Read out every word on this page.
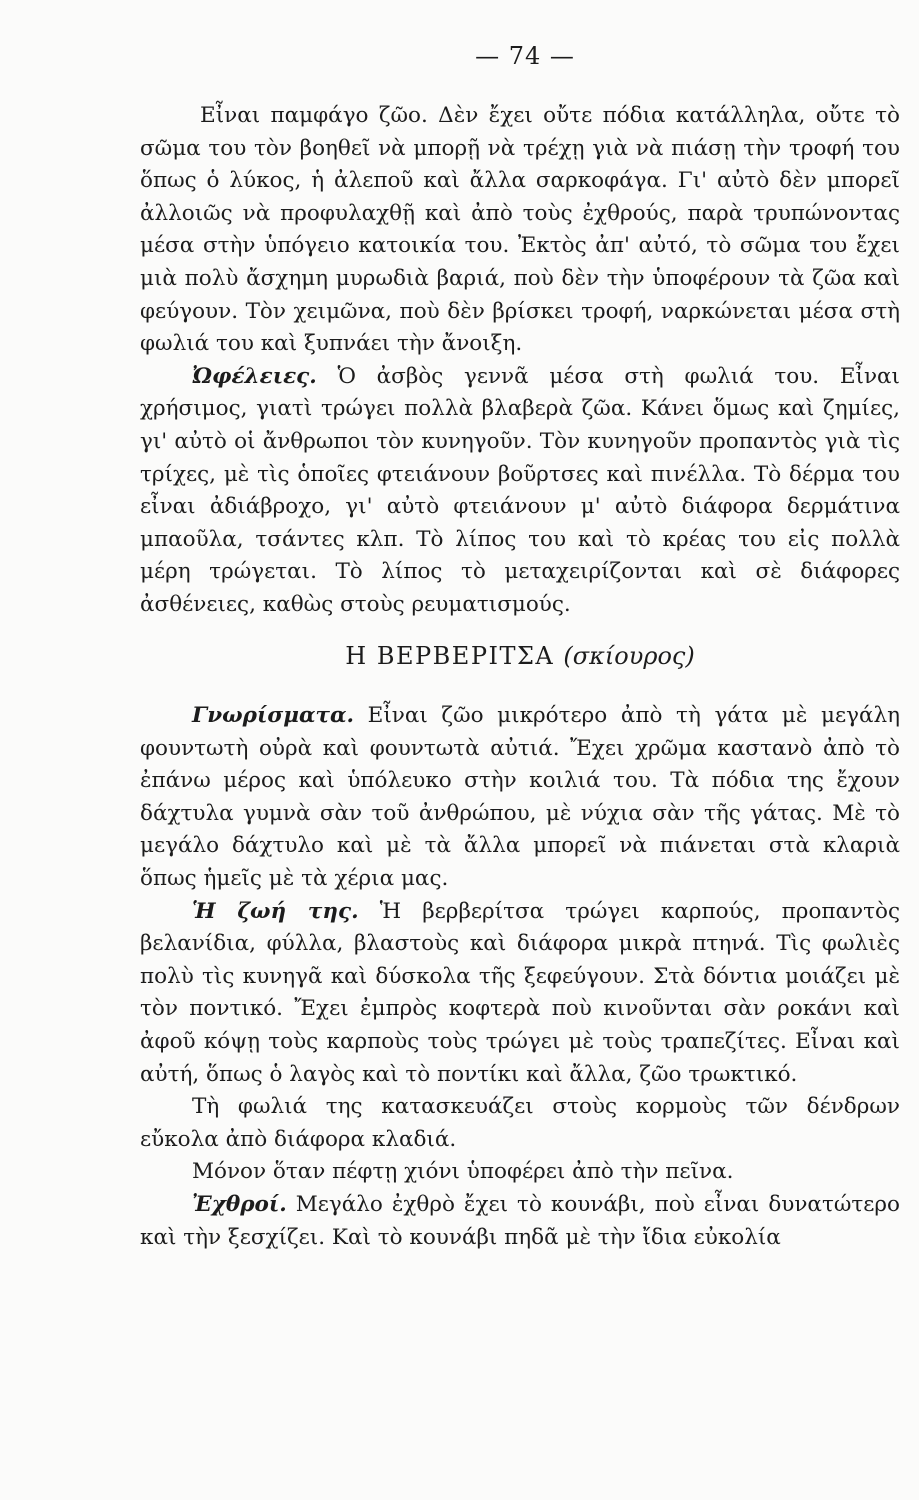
— 74 —

Εἶναι παμφάγο ζῶο. Δὲν ἔχει οὔτε πόδια κατάλληλα, οὔτε τὸ σῶμα του τὸν βοηθεῖ νὰ μπορῇ νὰ τρέχῃ γιὰ νὰ πιάσῃ τὴν τροφή του ὅπως ὁ λύκος, ἡ ἀλεποῦ καὶ ἄλλα σαρκοφάγα. Γι' αὐτὸ δὲν μπορεῖ ἀλλοιῶς νὰ προφυλαχθῇ καὶ ἀπὸ τοὺς ἐχθρούς, παρὰ τρυπώνοντας μέσα στὴν ὑπόγειο κατοικία του. Ἐκτὸς ἀπ' αὐτό, τὸ σῶμα του ἔχει μιὰ πολὺ ἄσχημη μυρωδιὰ βαριά, ποὺ δὲν τὴν ὑποφέρουν τὰ ζῶα καὶ φεύγουν. Τὸν χειμῶνα, ποὺ δὲν βρίσκει τροφή, ναρκώνεται μέσα στὴ φωλιά του καὶ ξυπνάει τὴν ἄνοιξη.

Ὠφέλειες. Ὁ ἀσβὸς γεννᾶ μέσα στὴ φωλιά του. Εἶναι χρήσιμος, γιατὶ τρώγει πολλὰ βλαβερὰ ζῶα. Κάνει ὅμως καὶ ζημίες, γι' αὐτὸ οἱ ἄνθρωποι τὸν κυνηγοῦν. Τὸν κυνηγοῦν προπαντὸς γιὰ τὶς τρίχες, μὲ τὶς ὁποῖες φτειάνουν βοῦρτσες καὶ πινέλλα. Τὸ δέρμα του εἶναι ἀδιάβροχο, γι' αὐτὸ φτειάνουν μ' αὐτὸ διάφορα δερμάτινα μπαοῦλα, τσάντες κλπ. Τὸ λίπος του καὶ τὸ κρέας του εἰς πολλὰ μέρη τρώγεται. Τὸ λίπος τὸ μεταχειρίζονται καὶ σὲ διάφορες ἀσθένειες, καθὼς στοὺς ρευματισμούς.

Η ΒΕΡΒΕΡΙΤΣΑ (σκίουρος)

Γνωρίσματα. Εἶναι ζῶο μικρότερο ἀπὸ τὴ γάτα μὲ μεγάλη φουντωτὴ οὐρὰ καὶ φουντωτὰ αὐτιά. Ἔχει χρῶμα καστανὸ ἀπὸ τὸ ἐπάνω μέρος καὶ ὑπόλευκο στὴν κοιλιά του. Τὰ πόδια της ἔχουν δάχτυλα γυμνὰ σὰν τοῦ ἀνθρώπου, μὲ νύχια σὰν τῆς γάτας. Μὲ τὸ μεγάλο δάχτυλο καὶ μὲ τὰ ἄλλα μπορεῖ νὰ πιάνεται στὰ κλαριὰ ὅπως ἡμεῖς μὲ τὰ χέρια μας.

Ἡ ζωή της. Ἡ βερβερίτσα τρώγει καρπούς, προπαντὸς βελανίδια, φύλλα, βλαστοὺς καὶ διάφορα μικρὰ πτηνά. Τὶς φωλιὲς πολὺ τὶς κυνηγᾶ καὶ δύσκολα τῆς ξεφεύγουν. Στὰ δόντια μοιάζει μὲ τὸν ποντικό. Ἔχει ἐμπρὸς κοφτερὰ ποὺ κινοῦνται σὰν ροκάνι καὶ ἀφοῦ κόψῃ τοὺς καρποὺς τοὺς τρώγει μὲ τοὺς τραπεζίτες. Εἶναι καὶ αὐτή, ὅπως ὁ λαγὸς καὶ τὸ ποντίκι καὶ ἄλλα, ζῶο τρωκτικό.

Τὴ φωλιά της κατασκευάζει στοὺς κορμοὺς τῶν δένδρων εὔκολα ἀπὸ διάφορα κλαδιά.

Μόνον ὅταν πέφτῃ χιόνι ὑποφέρει ἀπὸ τὴν πεῖνα.

Ἐχθροί. Μεγάλο ἐχθρὸ ἔχει τὸ κουνάβι, ποὺ εἶναι δυνατώτερο καὶ τὴν ξεσχίζει. Καὶ τὸ κουνάβι πηδᾶ μὲ τὴν ἴδια εὐκολία
